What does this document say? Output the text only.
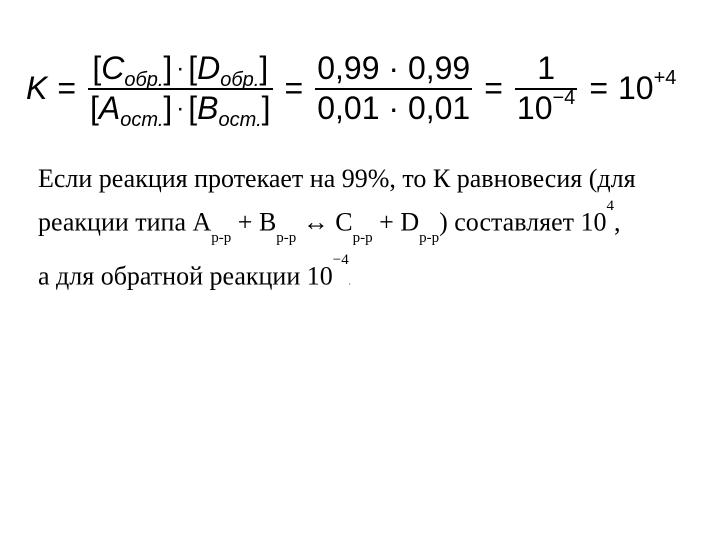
$K = \frac{[C_{обр.}] \cdot [D_{обр.}]}{[A_{ост.}] \cdot [B_{ост.}]} = \frac{0,99 \cdot 0,99}{0,01 \cdot 0,01} = \frac{1}{10 -4} = 10^{+4}$
Если реакция протекает на 99%, то К равновесия (для
реакции типа $А_{р-р} + В_{р-р}$ ↔ $С_{р-р} + D_{р-р}$) составляет $10^4$,
а для обратной реакции $10^{-4}$.
